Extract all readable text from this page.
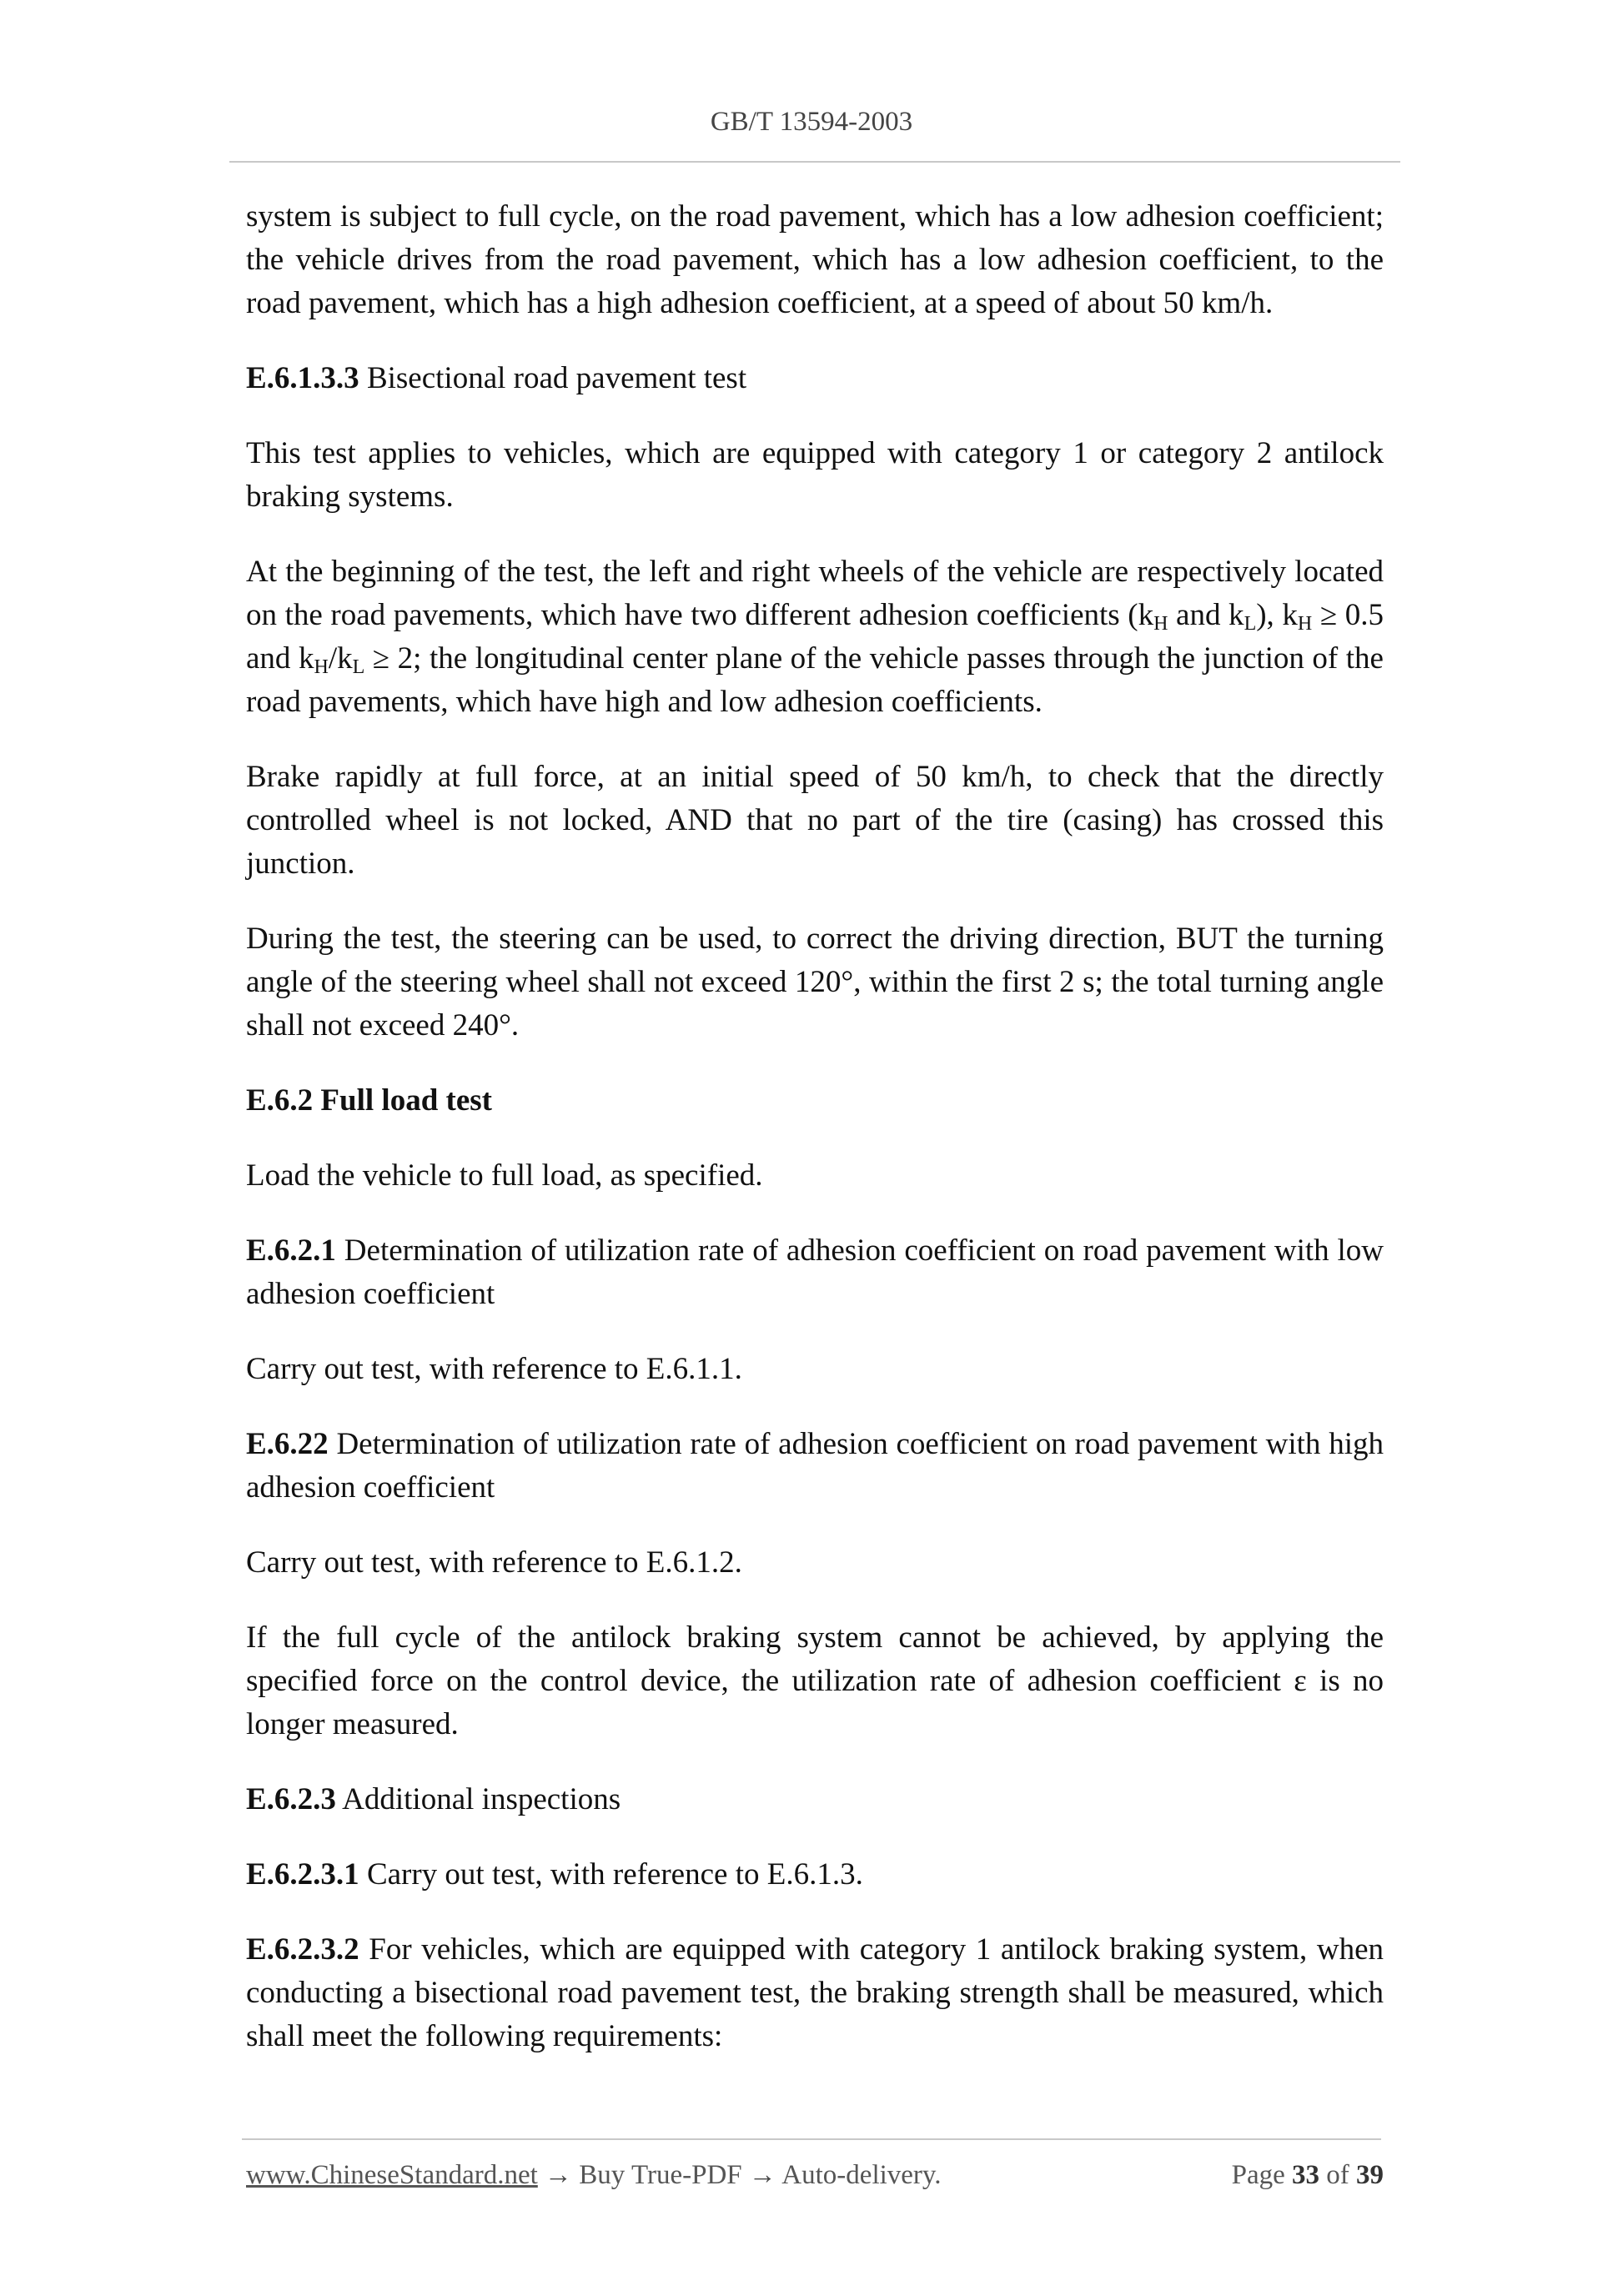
GB/T 13594-2003

system is subject to full cycle, on the road pavement, which has a low adhesion coefficient; the vehicle drives from the road pavement, which has a low adhesion coefficient, to the road pavement, which has a high adhesion coefficient, at a speed of about 50 km/h.

E.6.1.3.3 Bisectional road pavement test

This test applies to vehicles, which are equipped with category 1 or category 2 antilock braking systems.

At the beginning of the test, the left and right wheels of the vehicle are respectively located on the road pavements, which have two different adhesion coefficients ($k_H$ and $k_L$), $k_H \ge 0.5$ and $k_H/k_L \ge 2$; the longitudinal center plane of the vehicle passes through the junction of the road pavements, which have high and low adhesion coefficients.

Brake rapidly at full force, at an initial speed of 50 km/h, to check that the directly controlled wheel is not locked, AND that no part of the tire (casing) has crossed this junction.

During the test, the steering can be used, to correct the driving direction, BUT the turning angle of the steering wheel shall not exceed 120°, within the first 2 s; the total turning angle shall not exceed 240°.

E.6.2 Full load test

Load the vehicle to full load, as specified.

E.6.2.1 Determination of utilization rate of adhesion coefficient on road pavement with low adhesion coefficient

Carry out test, with reference to E.6.1.1.

E.6.22 Determination of utilization rate of adhesion coefficient on road pavement with high adhesion coefficient

Carry out test, with reference to E.6.1.2.

If the full cycle of the antilock braking system cannot be achieved, by applying the specified force on the control device, the utilization rate of adhesion coefficient ε is no longer measured.

E.6.2.3 Additional inspections

E.6.2.3.1 Carry out test, with reference to E.6.1.3.

E.6.2.3.2 For vehicles, which are equipped with category 1 antilock braking system, when conducting a bisectional road pavement test, the braking strength shall be measured, which shall meet the following requirements:

www.ChineseStandard.net → Buy True-PDF → Auto-delivery.	Page 33 of 39
